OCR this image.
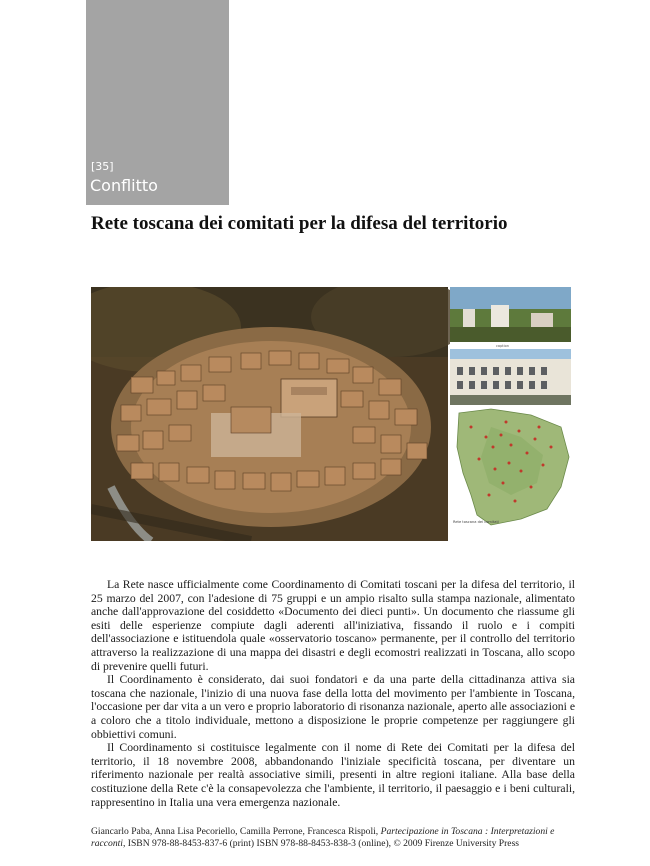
[35]
Conflitto
Rete toscana dei comitati per la difesa del territorio
caption
Rete toscana dei comitati

La Rete nasce ufficialmente come Coordinamento di Comitati toscani per la difesa del territorio, il 25 marzo del 2007, con l'adesione di 75 gruppi e un ampio risalto sulla stampa nazionale, alimentato anche dall'approvazione del cosiddetto «Documento dei dieci punti». Un documento che riassume gli esiti delle esperienze compiute dagli aderenti all'iniziativa, fissando il ruolo e i compiti dell'associazione e istituendola quale «osservatorio toscano» permanente, per il controllo del territorio attraverso la realizzazione di una mappa dei disastri e degli ecomostri realizzati in Toscana, allo scopo di prevenire quelli futuri.

Il Coordinamento è considerato, dai suoi fondatori e da una parte della cittadinanza attiva sia toscana che nazionale, l'inizio di una nuova fase della lotta del movimento per l'ambiente in Toscana, l'occasione per dar vita a un vero e proprio laboratorio di risonanza nazionale, aperto alle associazioni e a coloro che a titolo individuale, mettono a disposizione le proprie competenze per raggiungere gli obbiettivi comuni.

Il Coordinamento si costituisce legalmente con il nome di Rete dei Comitati per la difesa del territorio, il 18 novembre 2008, abbandonando l'iniziale specificità toscana, per diventare un riferimento nazionale per realtà associative simili, presenti in altre regioni italiane. Alla base della costituzione della Rete c'è la consapevolezza che l'ambiente, il territorio, il paesaggio e i beni culturali, rappresentino in Italia una vera emergenza nazionale.

Giancarlo Paba, Anna Lisa Pecoriello, Camilla Perrone, Francesca Rispoli, Partecipazione in Toscana : Interpretazioni e racconti, ISBN 978-88-8453-837-6 (print) ISBN 978-88-8453-838-3 (online), © 2009 Firenze University Press
